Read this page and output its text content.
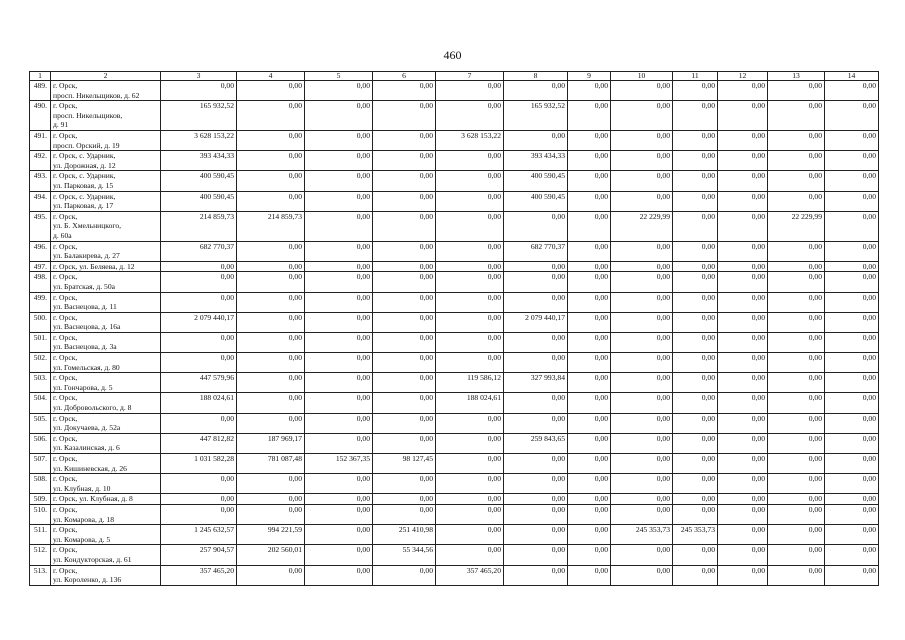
460
1	2	3	4	5	6	7	8	9	10	11	12	13	14
489.	г. Орск,
просп. Никельщиков, д. 62	0,00	0,00	0,00	0,00	0,00	0,00	0,00	0,00	0,00	0,00	0,00	0,00
490.	г. Орск,
просп. Никельщиков,
д. 91	165 932,52	0,00	0,00	0,00	0,00	165 932,52	0,00	0,00	0,00	0,00	0,00	0,00
491.	г. Орск,
просп. Орский, д. 19	3 628 153,22	0,00	0,00	0,00	3 628 153,22	0,00	0,00	0,00	0,00	0,00	0,00	0,00
492.	г. Орск, с. Ударник,
ул. Дорожная, д. 12	393 434,33	0,00	0,00	0,00	0,00	393 434,33	0,00	0,00	0,00	0,00	0,00	0,00
493.	г. Орск, с. Ударник,
ул. Парковая, д. 15	400 590,45	0,00	0,00	0,00	0,00	400 590,45	0,00	0,00	0,00	0,00	0,00	0,00
494.	г. Орск, с. Ударник,
ул. Парковая, д. 17	400 590,45	0,00	0,00	0,00	0,00	400 590,45	0,00	0,00	0,00	0,00	0,00	0,00
495.	г. Орск,
ул. Б. Хмельницкого,
д. 60а	214 859,73	214 859,73	0,00	0,00	0,00	0,00	0,00	22 229,99	0,00	0,00	22 229,99	0,00
496.	г. Орск,
ул. Балакирева, д. 27	682 770,37	0,00	0,00	0,00	0,00	682 770,37	0,00	0,00	0,00	0,00	0,00	0,00
497.	г. Орск, ул. Беляева, д. 12	0,00	0,00	0,00	0,00	0,00	0,00	0,00	0,00	0,00	0,00	0,00	0,00
498.	г. Орск,
ул. Братская, д. 50а	0,00	0,00	0,00	0,00	0,00	0,00	0,00	0,00	0,00	0,00	0,00	0,00
499.	г. Орск,
ул. Васнецова, д. 11	0,00	0,00	0,00	0,00	0,00	0,00	0,00	0,00	0,00	0,00	0,00	0,00
500.	г. Орск,
ул. Васнецова, д. 16а	2 079 440,17	0,00	0,00	0,00	0,00	2 079 440,17	0,00	0,00	0,00	0,00	0,00	0,00
501.	г. Орск,
ул. Васнецова, д. 3а	0,00	0,00	0,00	0,00	0,00	0,00	0,00	0,00	0,00	0,00	0,00	0,00
502.	г. Орск,
ул. Гомельская, д. 80	0,00	0,00	0,00	0,00	0,00	0,00	0,00	0,00	0,00	0,00	0,00	0,00
503.	г. Орск,
ул. Гончарова, д. 5	447 579,96	0,00	0,00	0,00	119 586,12	327 993,84	0,00	0,00	0,00	0,00	0,00	0,00
504.	г. Орск,
ул. Добровольского, д. 8	188 024,61	0,00	0,00	0,00	188 024,61	0,00	0,00	0,00	0,00	0,00	0,00	0,00
505.	г. Орск,
ул. Докучаева, д. 52а	0,00	0,00	0,00	0,00	0,00	0,00	0,00	0,00	0,00	0,00	0,00	0,00
506.	г. Орск,
ул. Казалинская, д. 6	447 812,82	187 969,17	0,00	0,00	0,00	259 843,65	0,00	0,00	0,00	0,00	0,00	0,00
507.	г. Орск,
ул. Кишиневская, д. 26	1 031 582,28	781 087,48	152 367,35	98 127,45	0,00	0,00	0,00	0,00	0,00	0,00	0,00	0,00
508.	г. Орск,
ул. Клубная, д. 10	0,00	0,00	0,00	0,00	0,00	0,00	0,00	0,00	0,00	0,00	0,00	0,00
509.	г. Орск, ул. Клубная, д. 8	0,00	0,00	0,00	0,00	0,00	0,00	0,00	0,00	0,00	0,00	0,00	0,00
510.	г. Орск,
ул. Комарова, д. 18	0,00	0,00	0,00	0,00	0,00	0,00	0,00	0,00	0,00	0,00	0,00	0,00
511.	г. Орск,
ул. Комарова, д. 5	1 245 632,57	994 221,59	0,00	251 410,98	0,00	0,00	0,00	245 353,73	245 353,73	0,00	0,00	0,00
512.	г. Орск,
ул. Кондукторская, д. 61	257 904,57	202 560,01	0,00	55 344,56	0,00	0,00	0,00	0,00	0,00	0,00	0,00	0,00
513.	г. Орск,
ул. Короленко, д. 136	357 465,20	0,00	0,00	0,00	357 465,20	0,00	0,00	0,00	0,00	0,00	0,00	0,00
